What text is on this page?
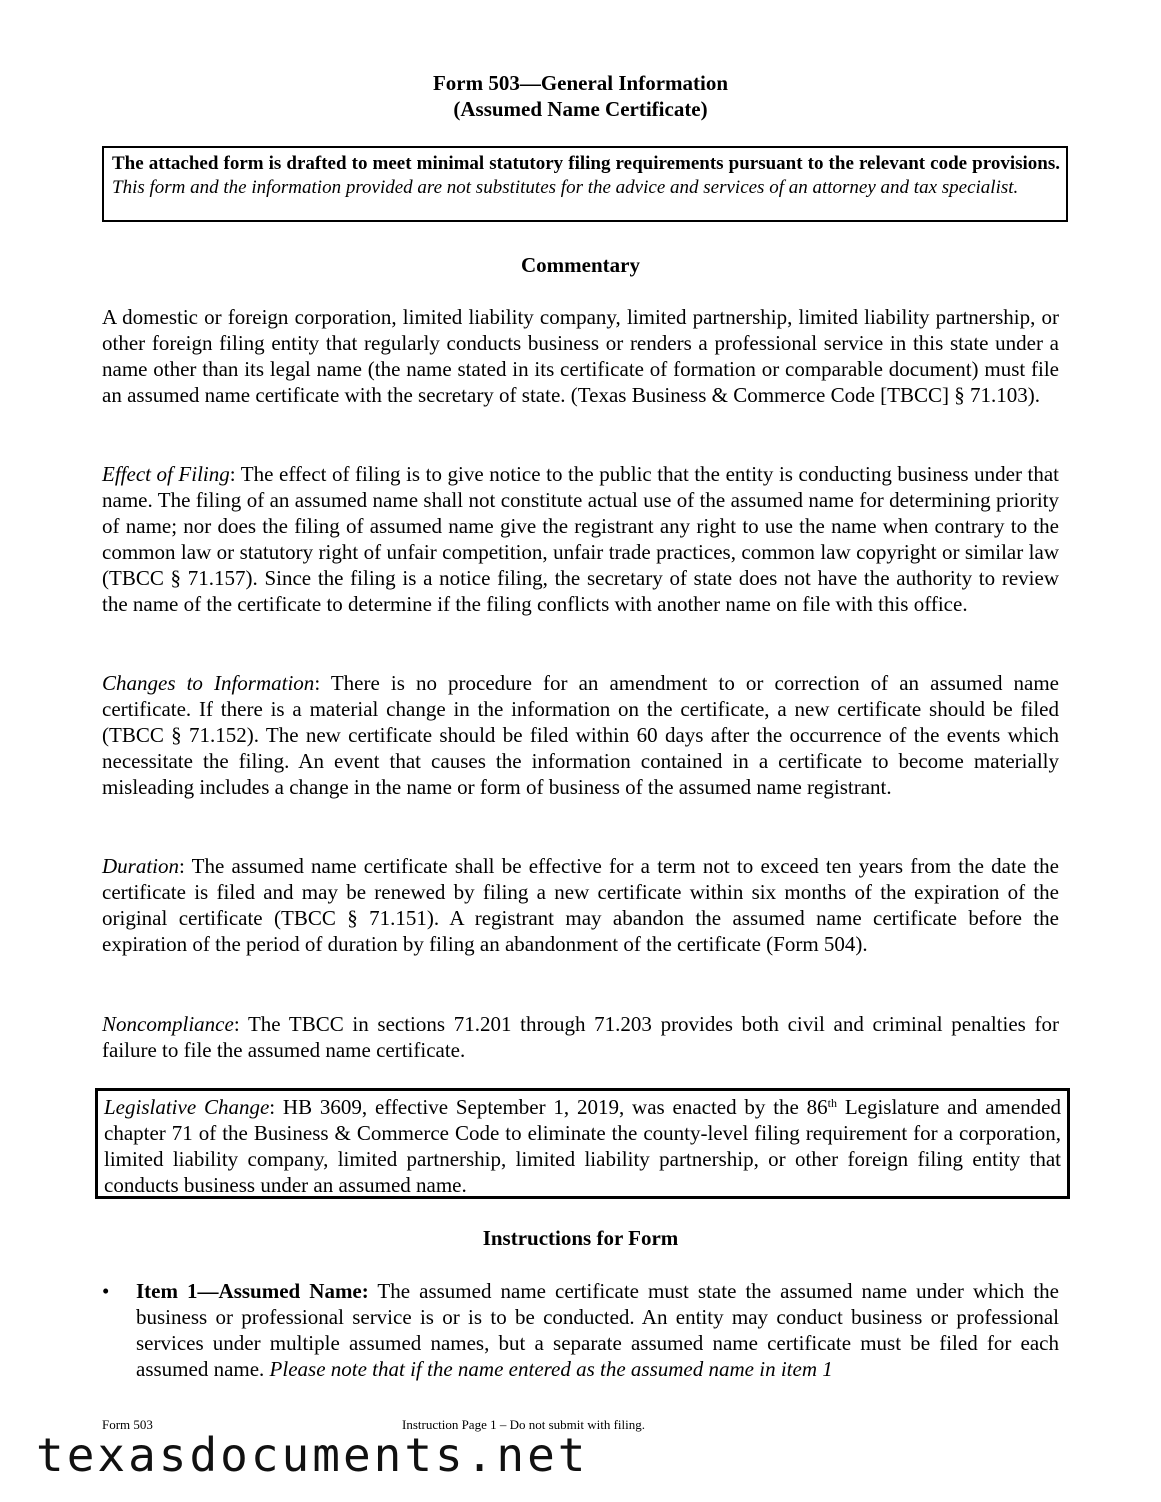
Form 503—General Information
(Assumed Name Certificate)
The attached form is drafted to meet minimal statutory filing requirements pursuant to the relevant code provisions. This form and the information provided are not substitutes for the advice and services of an attorney and tax specialist.
Commentary
A domestic or foreign corporation, limited liability company, limited partnership, limited liability partnership, or other foreign filing entity that regularly conducts business or renders a professional service in this state under a name other than its legal name (the name stated in its certificate of formation or comparable document) must file an assumed name certificate with the secretary of state. (Texas Business & Commerce Code [TBCC] § 71.103).
Effect of Filing: The effect of filing is to give notice to the public that the entity is conducting business under that name. The filing of an assumed name shall not constitute actual use of the assumed name for determining priority of name; nor does the filing of assumed name give the registrant any right to use the name when contrary to the common law or statutory right of unfair competition, unfair trade practices, common law copyright or similar law (TBCC § 71.157). Since the filing is a notice filing, the secretary of state does not have the authority to review the name of the certificate to determine if the filing conflicts with another name on file with this office.
Changes to Information: There is no procedure for an amendment to or correction of an assumed name certificate. If there is a material change in the information on the certificate, a new certificate should be filed (TBCC § 71.152). The new certificate should be filed within 60 days after the occurrence of the events which necessitate the filing. An event that causes the information contained in a certificate to become materially misleading includes a change in the name or form of business of the assumed name registrant.
Duration: The assumed name certificate shall be effective for a term not to exceed ten years from the date the certificate is filed and may be renewed by filing a new certificate within six months of the expiration of the original certificate (TBCC § 71.151). A registrant may abandon the assumed name certificate before the expiration of the period of duration by filing an abandonment of the certificate (Form 504).
Noncompliance: The TBCC in sections 71.201 through 71.203 provides both civil and criminal penalties for failure to file the assumed name certificate.
Legislative Change: HB 3609, effective September 1, 2019, was enacted by the 86th Legislature and amended chapter 71 of the Business & Commerce Code to eliminate the county-level filing requirement for a corporation, limited liability company, limited partnership, limited liability partnership, or other foreign filing entity that conducts business under an assumed name.
Instructions for Form
•	Item 1—Assumed Name: The assumed name certificate must state the assumed name under which the business or professional service is or is to be conducted. An entity may conduct business or professional services under multiple assumed names, but a separate assumed name certificate must be filed for each assumed name. Please note that if the name entered as the assumed name in item 1
Form 503	Instruction Page 1 – Do not submit with filing.
texasdocuments.net
